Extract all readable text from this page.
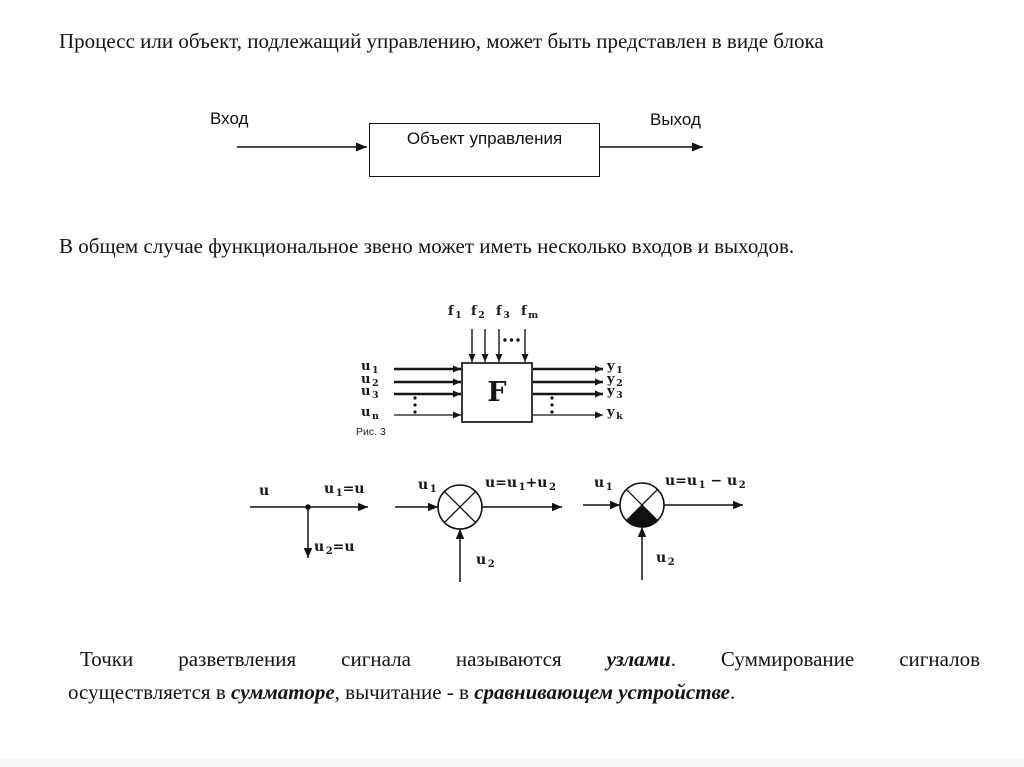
Процесс или объект, подлежащий управлению, может быть представлен в виде блока

Вход
Объект управления
Выход

В общем случае функциональное звено может иметь несколько входов и выходов.

f $_1$ f $_2$ f $_3$ f $_m$
u $_1$
u $_2$
u $_3$
u $_n$
y $_1$
y $_2$
y $_3$
y $_k$
F
Рис. 3
u	u $_1$=u
u $_2$=u
u $_1$	u=u $_1$+u $_2$
u $_2$
u $_1$	u=u $_1$ − u $_2$
u $_2$
Точки разветвления сигнала называются узлами. Суммирование сигналов
осуществляется в сумматоре, вычитание - в сравнивающем устройстве.
